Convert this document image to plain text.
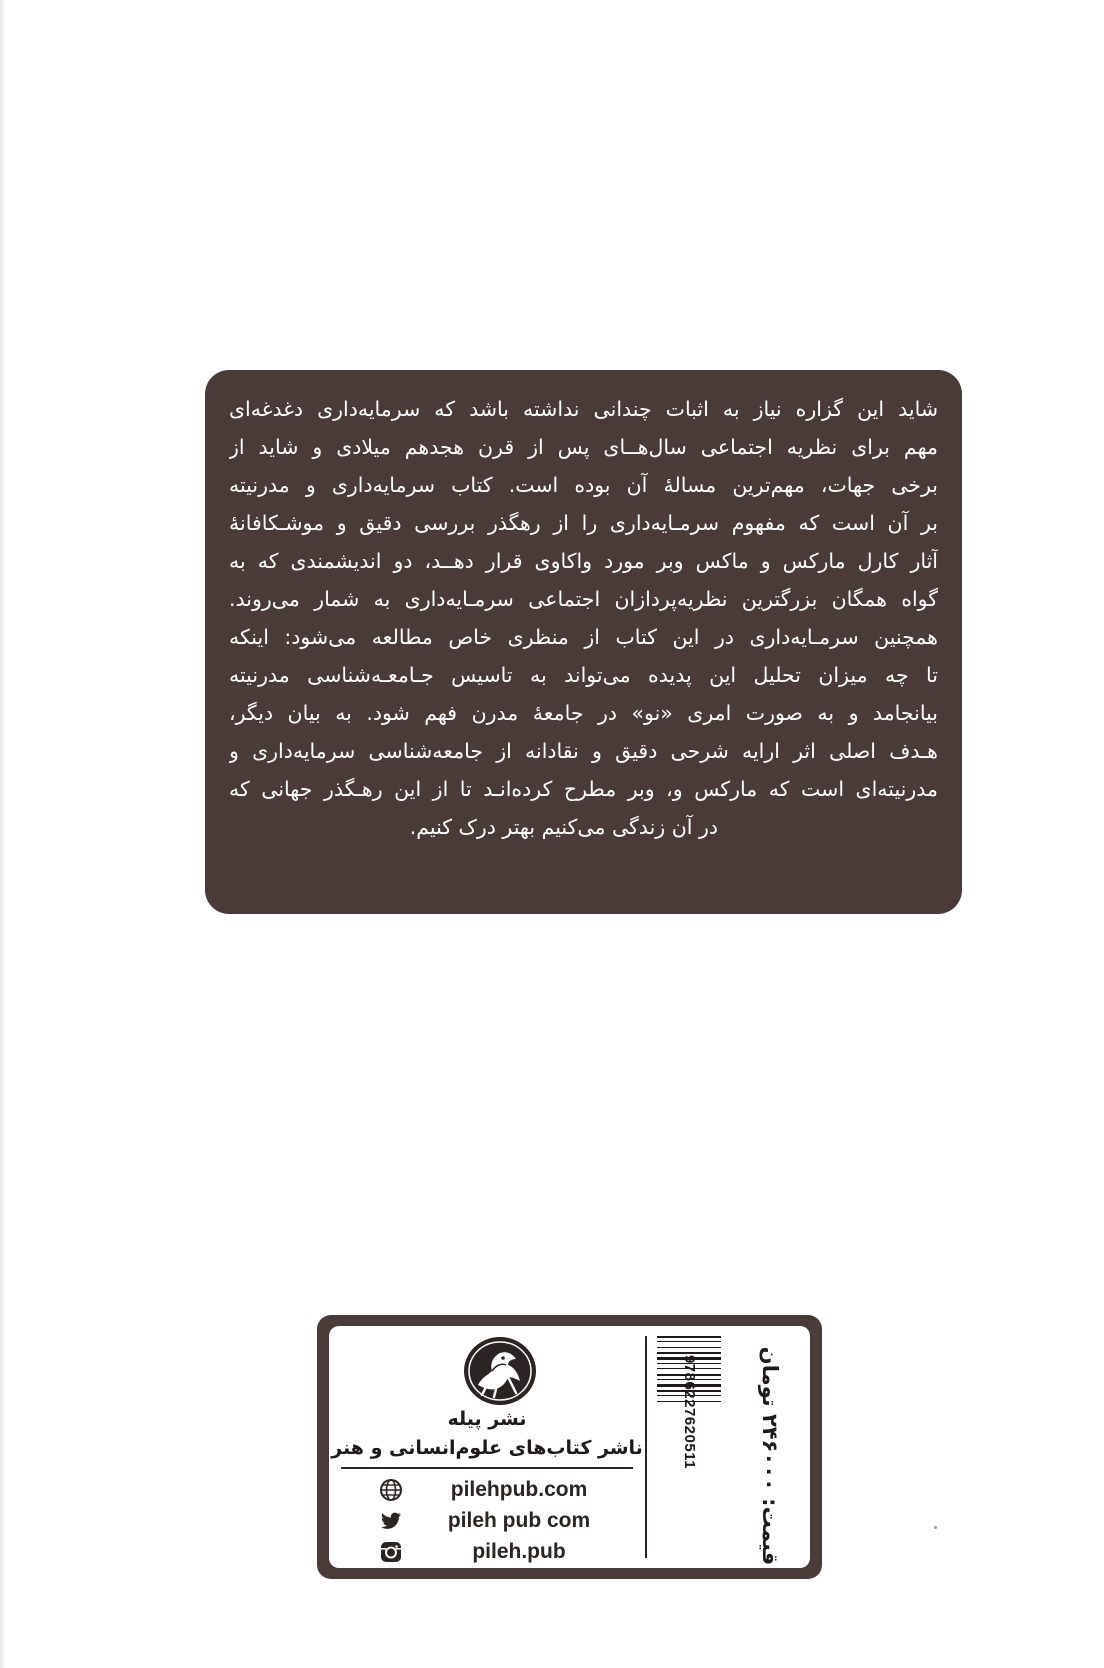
شاید این گزاره نیاز به اثبات چندانی نداشته باشد که سرمایه‌داری دغدغه‌ای
مهم برای نظریه اجتماعی سال‌هــای پس از قرن هجدهم میلادی و شاید از
برخی جهات، مهم‌ترین مسالهٔ آن بوده است. کتاب سرمایه‌داری و مدرنیته
بر آن است که مفهوم سرمـایه‌داری را از رهگذر بررسی دقیق و موشـکافانهٔ
آثار کارل مارکس و ماکس وبر مورد واکاوی قرار دهــد، دو اندیشمندی که به
گواه همگان بزرگترین نظریه‌پردازان اجتماعی سرمـایه‌داری به شمار می‌روند.
همچنین سرمـایه‌داری در این کتاب از منظری خاص مطالعه می‌شود: اینکه
تا چه میزان تحلیل این پدیده می‌تواند به تاسیس جـامعـه‌شناسی مدرنیته
بیانجامد و به صورت امری «نو» در جامعهٔ مدرن فهم شود. به بیان دیگر،
هـدف اصلی اثر ارایه شرحی دقیق و نقادانه از جامعه‌شناسی سرمایه‌داری و
مدرنیته‌ای است که مارکس و، وبر مطرح کرده‌انـد تا از این رهـگذر جهانی که
در آن زندگی می‌کنیم بهتر درک کنیم.
نشر پیله
ناشر کتاب‌های علوم‌انسانی و هنر
pilehpub.com
pileh pub com
pileh.pub
9786227620511	قیمت: ۲۴۶۰۰۰ تومان
